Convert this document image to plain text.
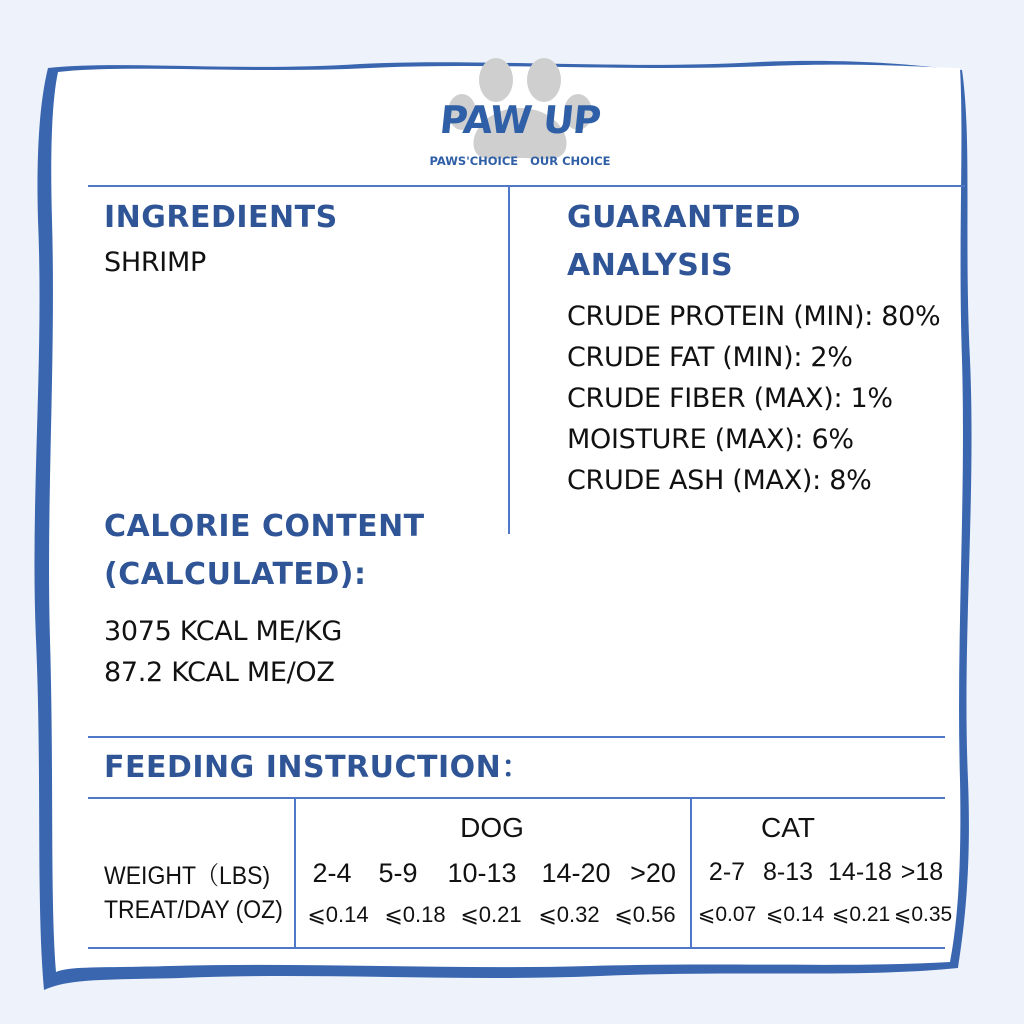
PAW UP
PAWS'CHOICE   OUR CHOICE
INGREDIENTS
SHRIMP
GUARANTEED
ANALYSIS
CRUDE PROTEIN (MIN): 80%
CRUDE FAT (MIN): 2%
CRUDE FIBER (MAX): 1%
MOISTURE (MAX): 6%
CRUDE ASH (MAX): 8%
CALORIE CONTENT
(CALCULATED):
3075 KCAL ME/KG
87.2 KCAL ME/OZ
FEEDING INSTRUCTION：
WEIGHT（LBS)
TREAT/DAY (OZ)
DOG	CAT
2-4 5-9	10-13 14-20 >20
⩽0.14 ⩽0.18 ⩽0.21 ⩽0.32 ⩽0.56
2-7 8-13 14-18 >18
⩽0.07 ⩽0.14 ⩽0.21 ⩽0.35
